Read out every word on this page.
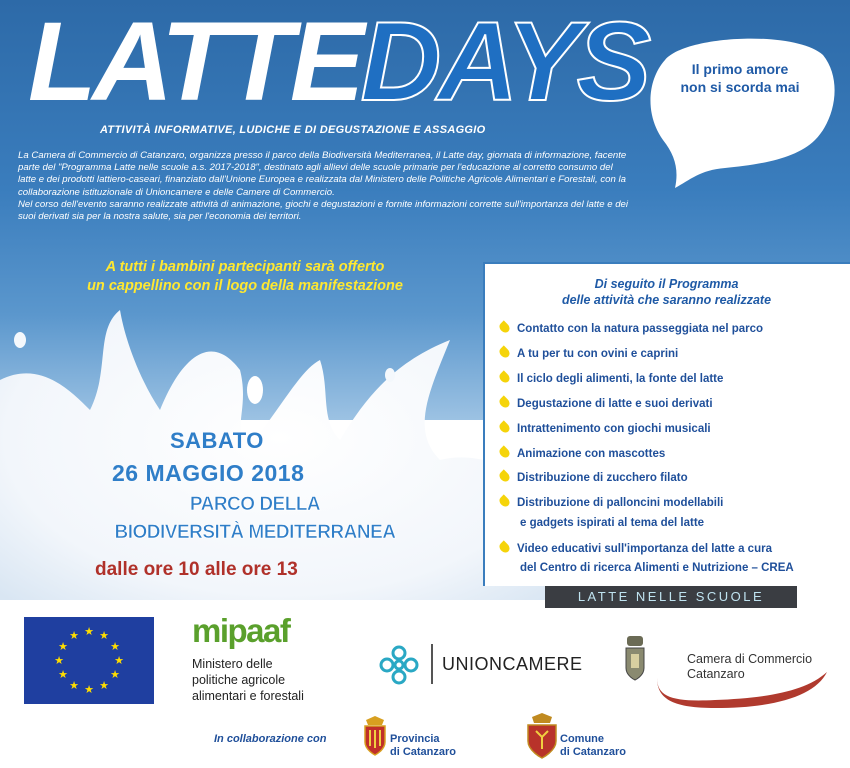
LATTEDAYS	Il primo amore
non si scorda mai
ATTIVITÀ INFORMATIVE, LUDICHE E DI DEGUSTAZIONE E ASSAGGIO

La Camera di Commercio di Catanzaro, organizza presso il parco della Biodiversità Mediterranea, il Latte day, giornata di informazione, facente parte del "Programma Latte nelle scuole a.s. 2017-2018", destinato agli allievi delle scuole primarie per l'educazione al corretto consumo del latte e dei prodotti lattiero-caseari, finanziato dall'Unione Europea e realizzata dal Ministero delle Politiche Agricole Alimentari e Forestali, con la collaborazione istituzionale di Unioncamere e delle Camere di Commercio.

Nel corso dell'evento saranno realizzate attività di animazione, giochi e degustazioni e fornite informazioni corrette sull'importanza del latte e dei suoi derivati sia per la nostra salute, sia per l'economia dei territori.

A tutti i bambini partecipanti sarà offerto
un cappellino con il logo della manifestazione	Di seguito il Programma
delle attività che saranno realizzate
Contatto con la natura passeggiata nel parco
A tu per tu con ovini e caprini
Il ciclo degli alimenti, la fonte del latte
Degustazione di latte e suoi derivati
Intrattenimento con giochi musicali
Animazione con mascottes
Distribuzione di zucchero filato
Distribuzione di palloncini modellabili
e gadgets ispirati al tema del latte
Video educativi sull'importanza del latte a cura
del Centro di ricerca Alimenti e Nutrizione – CREA
SABATO
26 MAGGIO 2018
PARCO DELLA
BIODIVERSITÀ MEDITERRANEA
dalle ore 10 alle ore 13
LATTE NELLE SCUOLE
★ ★
★
★
★
★
★
★
★
★
★
★	mipaaf
Ministero delle
politiche agricole
alimentari e forestali
UNIONCAMERE	Camera di Commercio
Catanzaro
In collaborazione con	Provincia
di Catanzaro
Comune
di Catanzaro
